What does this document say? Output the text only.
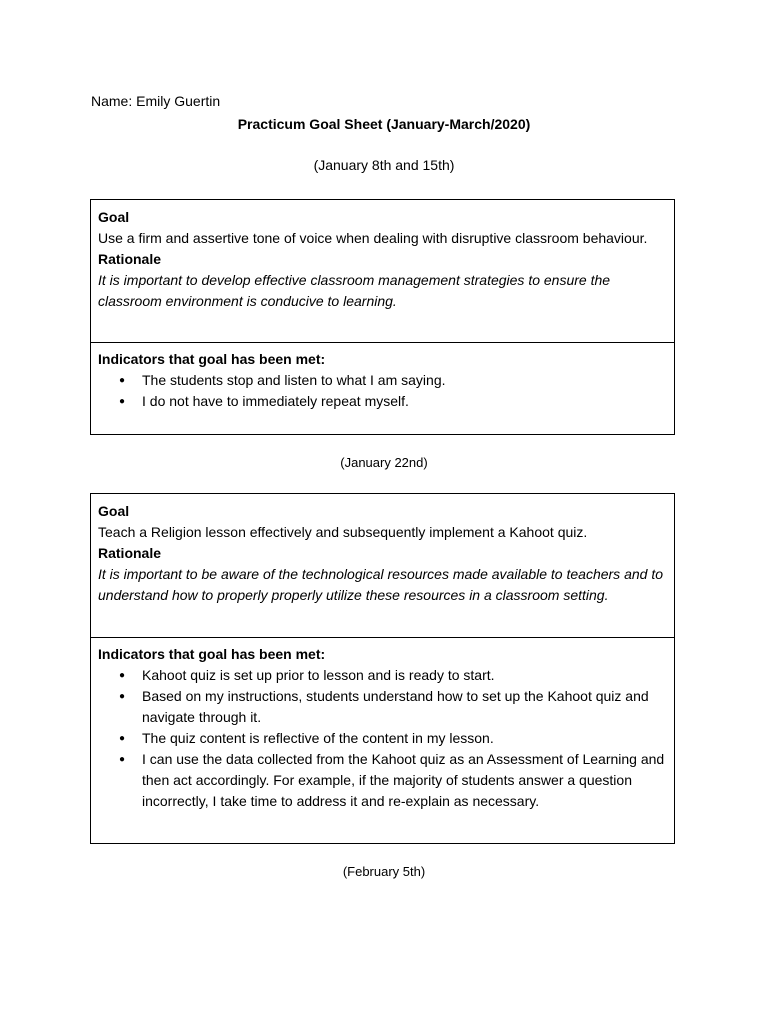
Name: Emily Guertin
Practicum Goal Sheet (January-March/2020)
(January 8th and 15th)
Goal
Use a firm and assertive tone of voice when dealing with disruptive classroom behaviour.
Rationale
It is important to develop effective classroom management strategies to ensure the classroom environment is conducive to learning.
Indicators that goal has been met:
● The students stop and listen to what I am saying.
● I do not have to immediately repeat myself.
(January 22nd)
Goal
Teach a Religion lesson effectively and subsequently implement a Kahoot quiz.
Rationale
It is important to be aware of the technological resources made available to teachers and to understand how to properly properly utilize these resources in a classroom setting.
Indicators that goal has been met:
● Kahoot quiz is set up prior to lesson and is ready to start.
● Based on my instructions, students understand how to set up the Kahoot quiz and navigate through it.
● The quiz content is reflective of the content in my lesson.
● I can use the data collected from the Kahoot quiz as an Assessment of Learning and then act accordingly. For example, if the majority of students answer a question incorrectly, I take time to address it and re-explain as necessary.
(February 5th)
